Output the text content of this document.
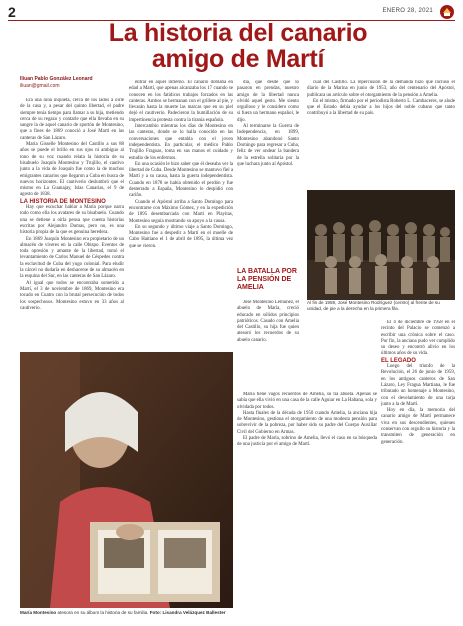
2	ENERO 28, 2021
La historia del canario
amigo de Martí
Iliuan Pablo González Leonard
iliuan@gmail.com

Era una niña inquieta, cerca de los lados a oírle de la casa y, a pesar del quinto libertad, el padre siempre tenía tiempo para llamar a su hija, metiendo cerca de su regazo y contarle que ella llevaba en su sangre la de aquel canario de sportón de Montesino, que a fines de 1869 conoció a José Martí en las canteras de San Lázaro.

María Gisselle Montesino del Castillo a sus 88 años se puede el brillo en sus ojos ni ambiguo al tono de su voz cuando relata la historia de su bisabuelo Joaquín Montesino y Trujillo, el cautivo junto a la vida de Joaquín fue como la de muchos emigrantes canarios que llegaron a Cuba en busca de nuevos horizontes. El cautiverio deslumbró que el mismo en La Guanajay, Islas Canarias, el 9 de agosto de 1838.

LA HISTORIA DE MONTESINO

Hay que escuchar hablar a María porque narra todo como ella los avatares de su bisabuelo. Cuando una se detiene a oírla pensa que cuenta historias escritas por Alejandro Dumas, pero no, es una historia propia de la que es genuina heredera.

En 1869 Joaquín Montesino era propietario de un almacén de víveres en la calle Obispo. Eventos de toda opresión y amante de la libertad, tomó el levantamiento de Carlos Manuel de Céspedes contra la esclavitud de Cuba del yugo colonial. Para eludir la cárcel no dudaría en deshacerse de su almacén en la esquina del Sur, en las canteras de San Lázaro.

Al igual que todos se encontraba sometido a Martí, el 3 de noviembre de 1869, Montesino era tocado en Cuatro con la brutal persecución de todos los sospechosos. Montesino estuvo en 33 años al cautiverio.

entrar en aquel infierno. El canario doblaba en edad a Martí, que apenas alcanzaba los 17 cuando se conocen en los fatídicos trabajos forzados en las canteras. Ambos se hermanan con el grillete al pie, y llevarán hasta la muerte las marcas que en su piel dejó el cautiverio. Padecieron la humillación de su impertinencia protesta contra la tiranía española.

Intercambio mientras los días de Montesino en las canteras, donde se lo halla conocido en las conversaciones que entabla con el joven independentista. En particular, el médico Pablo Trujillo Fraguas, toma en sus manos el cuidado y estudio de los enfermos.

En una ocasión le hizo saber que él deseaba ver la libertad de Cuba. Desde Montesino se mantuvo fiel a Martí y a su causa, hasta la guerra independentista. Cuando en 1878 se había obtenido el perdón y fue desterrado a España, Montesino lo despidió con cariño.

Cuando el Apóstol arriba a Santo Domingo para encontrarse con Máximo Gómez, y en la expedición de 1895 desembarcada con Martí en Playitas, Montesino seguía mostrando su apoyo a la causa.

En su segundo y último viaje a Santo Domingo, Montesino fue a despedir a Martí en el muelle de Cabo Haitiano el 1 de abril de 1895, la última vez que se vieron.

día, que desde que lo pasaron en prendas, nuestro amigo de la libertad nunca olvidó aquel gesto. Me siento orgulloso y le considero como si fuera un hermano español, le dijo.

Al terminarse la Guerra de Independencia, en 1899, Montesino abandonó Santo Domingo para regresar a Cuba, feliz de ver ondear la bandera de la estrella solitaria por la que luchara junto al Apóstol.

LA BATALLA POR LA PENSIÓN DE AMELIA

José Montesino Lemuñez, el abuelo de María, creció educado en sólidos principios patrióticos. Casado con Amelia del Castillo, su hija fue quien atesoró los recuerdos de su abuelo canario.

María tiene vagos recuerdos de Amelia, su tía abuela. Apenas se sabía que ella vivió en una casa de la calle Aguiar en La Habana, sola y olvidada por todos.

Hasta finales de la década de 1950 cuando Amelia, la anciana hija de Montesino, gestiona el otorgamiento de una modesta pensión para sobrevivir de la pobreza, por haber sido su padre del Cuerpo Auxiliar Civil del Gobierno en Armas.

El padre de María, sobrino de Amelia, llevó el caso en su búsqueda de una justicia por el amigo de Martí.

cual del Castillo. La repercusión de la demanda hizo que incluso el diario de la Marina en junio de 1953, año del centenario del Apóstol, publicara un artículo sobre el otorgamiento de la pensión a Amelia.

En el mismo, firmado por el periodista Roberto L. Cambaceres, se alude que el Estado debía ayudar a los hijos del noble cubano que tanto contribuyó a la libertad de su país.

Al fin de 1959, José Montesino Rodríguez (centro) al frente de su unidad, de pie a la derecha en la primera fila.

El 4 de diciembre de 1958 en el recinto del Palacio se comenzó a escribir una crónica sobre el caso. Por fin, la anciana pudo ver cumplido su deseo y encontró alivio en los últimos años de su vida.

EL LEGADO

Luego del triunfo de la Revolución, el 26 de junio de 1959, en los antiguos canteros de San Lázaro, Ley Fragua Martiana, le fue tributado un homenaje a Montesino, con el develamiento de una tarja junto a la de Martí.

Hoy en día, la memoria del canario amigo de Martí permanece viva en sus descendientes, quienes conservan con orgullo su historia y la transmiten de generación en generación.

María Montesino atesora en su álbum la historia de su familia. Foto: Lisandra Velázquez Ballester
